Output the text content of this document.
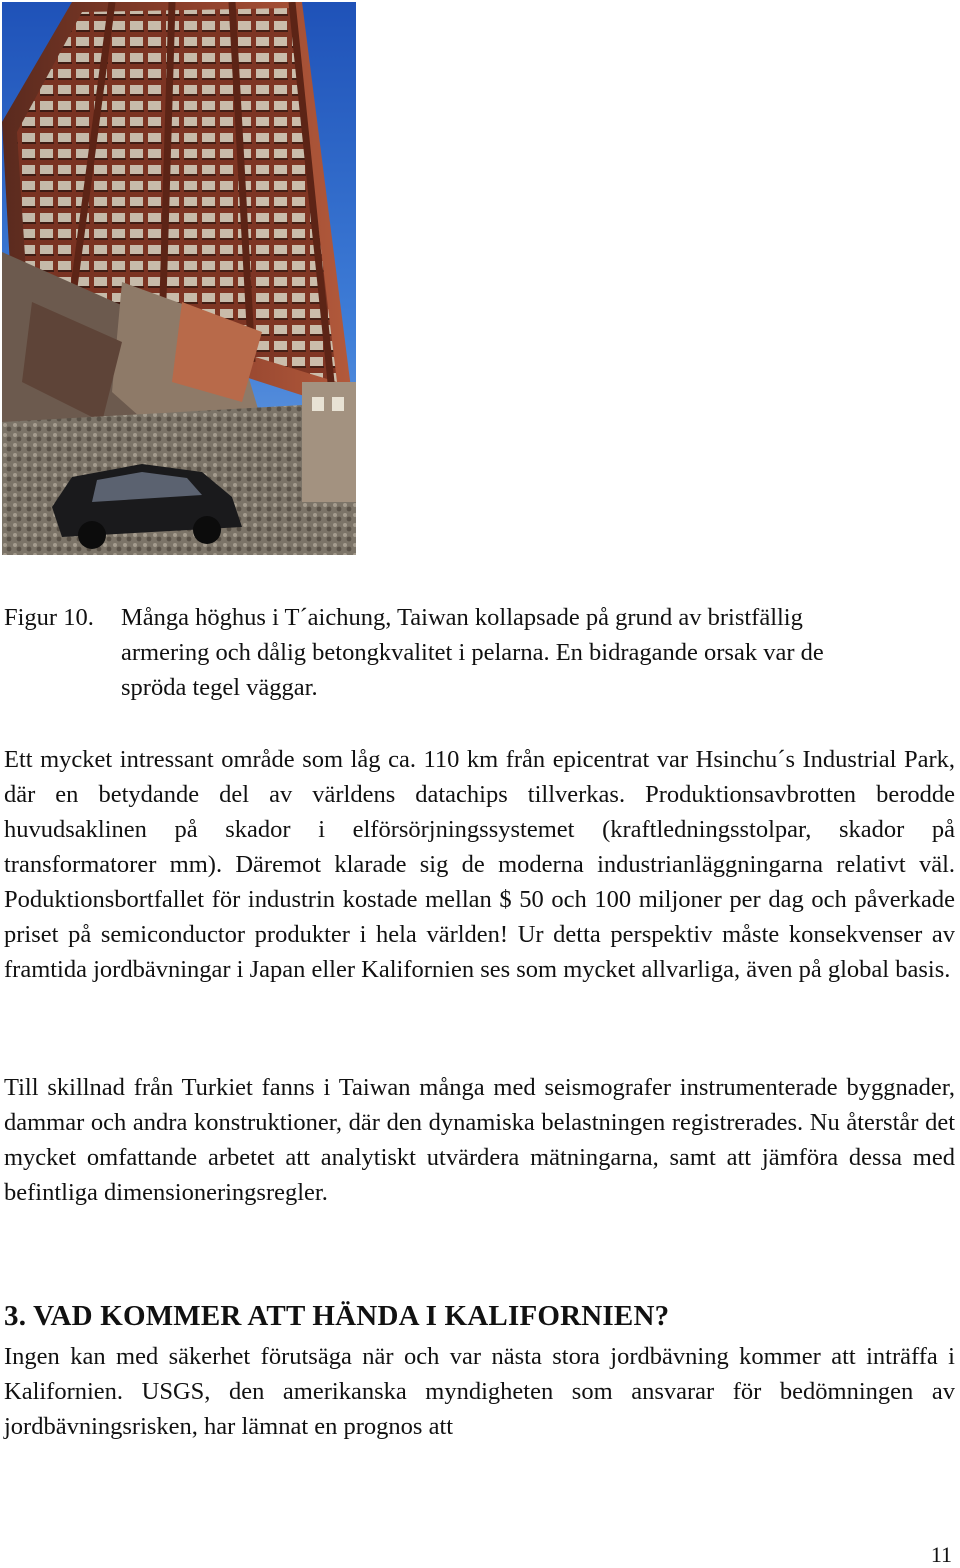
Figur 10. Många höghus i T´aichung, Taiwan kollapsade på grund av bristfällig armering och dålig betongkvalitet i pelarna. En bidragande orsak var de spröda tegel väggar.
Ett mycket intressant område som låg ca. 110 km från epicentrat var Hsinchu´s Industrial Park, där en betydande del av världens datachips tillverkas. Produktionsavbrotten berodde huvudsaklinen på skador i elförsörjningssystemet (kraftledningsstolpar, skador på transformatorer mm). Däremot klarade sig de moderna industrianläggningarna relativt väl. Poduktionsbortfallet för industrin kostade mellan $ 50 och 100 miljoner per dag och påverkade priset på semiconductor produkter i hela världen! Ur detta perspektiv måste konsekvenser av framtida jordbävningar i Japan eller Kalifornien ses som mycket allvarliga, även på global basis.
Till skillnad från Turkiet fanns i Taiwan många med seismografer instrumenterade byggnader, dammar och andra konstruktioner, där den dynamiska belastningen registrerades. Nu återstår det mycket omfattande arbetet att analytiskt utvärdera mätningarna, samt att jämföra dessa med befintliga dimensioneringsregler.
3. VAD KOMMER ATT HÄNDA I KALIFORNIEN?
Ingen kan med säkerhet förutsäga när och var nästa stora jordbävning kommer att inträffa i Kalifornien. USGS, den amerikanska myndigheten som ansvarar för bedömningen av jordbävningsrisken, har lämnat en prognos att
11
